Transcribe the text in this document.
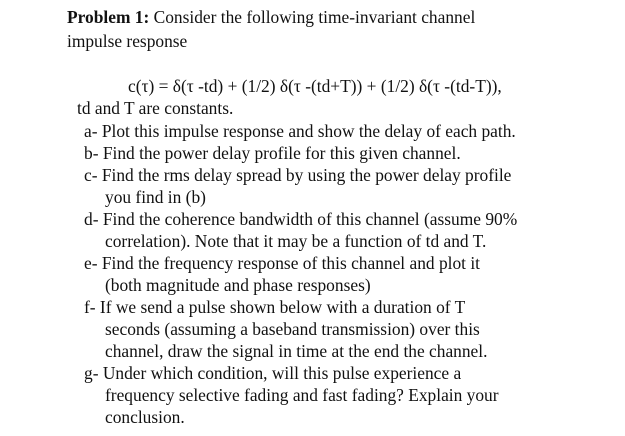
Problem 1: Consider the following time-invariant channel
impulse response
c(τ) = δ(τ -td) + (1/2) δ(τ -(td+T)) + (1/2) δ(τ -(td-T)),
td and T are constants.
a- Plot this impulse response and show the delay of each path.
b- Find the power delay profile for this given channel.
c- Find the rms delay spread by using the power delay profile
you find in (b)
d- Find the coherence bandwidth of this channel (assume 90%
correlation). Note that it may be a function of td and T.
e- Find the frequency response of this channel and plot it
(both magnitude and phase responses)
f- If we send a pulse shown below with a duration of T
seconds (assuming a baseband transmission) over this
channel, draw the signal in time at the end the channel.
g- Under which condition, will this pulse experience a
frequency selective fading and fast fading? Explain your
conclusion.
